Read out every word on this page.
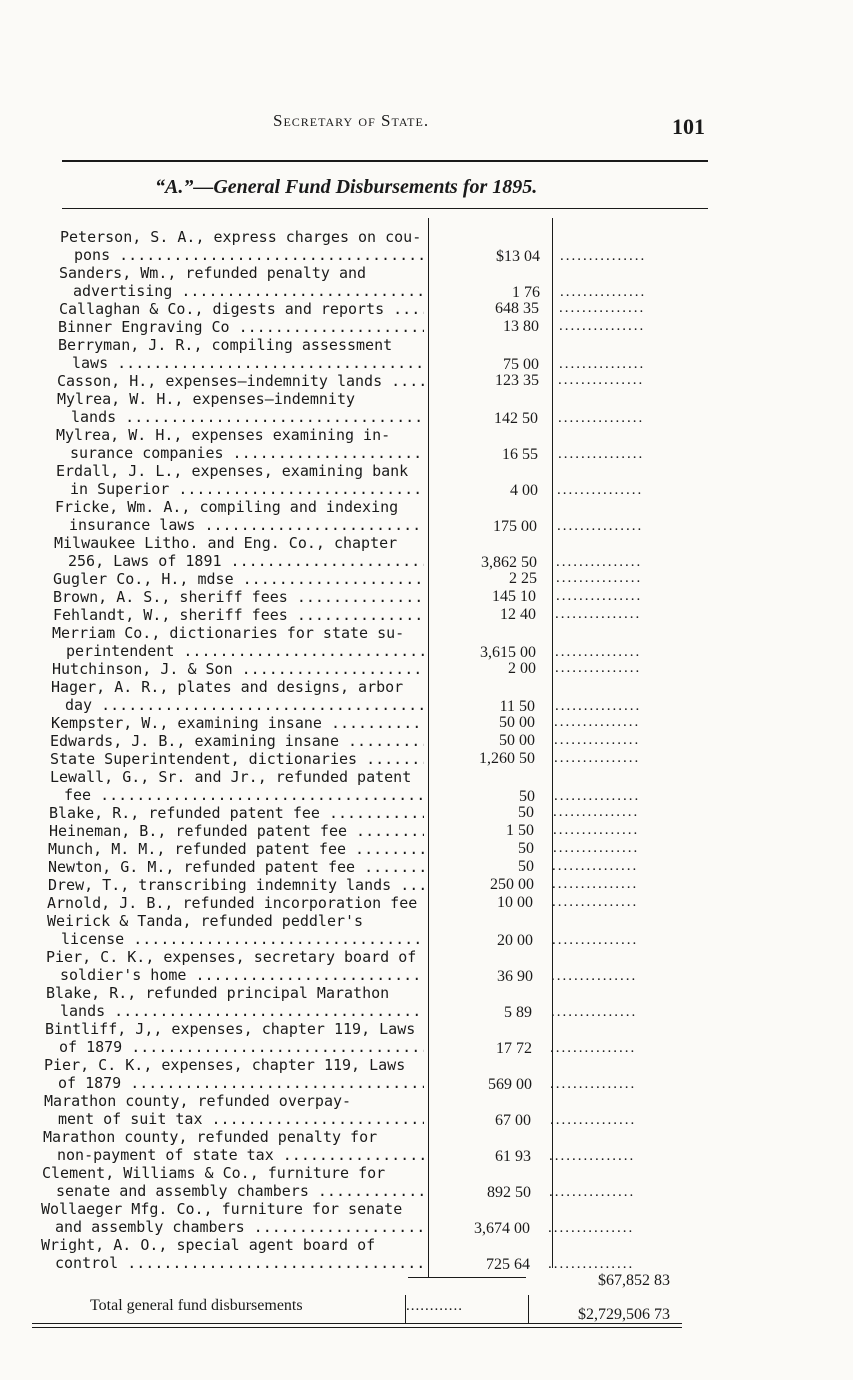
Secretary of State.	101
“A.”—General Fund Disbursements for 1895.
Peterson, S. A., express charges on cou-
pons .....	$13 04 ...............
Sanders, Wm., refunded penalty and
advertising .....	1 76 ...............
Callaghan & Co., digests and reports .....	648 35 ...............
Binner Engraving Co .....	13 80 ...............
Berryman, J. R., compiling assessment
laws .....	75 00 ...............
Casson, H., expenses—indemnity lands .....	123 35 ...............
Mylrea, W. H., expenses—indemnity
lands .....	142 50 ...............
Mylrea, W. H., expenses examining in-
surance companies .....	16 55 ...............
Erdall, J. L., expenses, examining bank
in Superior .....	4 00 ...............
Fricke, Wm. A., compiling and indexing
insurance laws .....	175 00 ...............
Milwaukee Litho. and Eng. Co., chapter
256, Laws of 1891 .....	3,862 50 ...............
Gugler Co., H., mdse .....	2 25 ...............
Brown, A. S., sheriff fees .....	145 10 ...............
Fehlandt, W., sheriff fees .....	12 40 ...............
Merriam Co., dictionaries for state su-
perintendent .....	3,615 00 ...............
Hutchinson, J. & Son .....	2 00 ...............
Hager, A. R., plates and designs, arbor
day .....	11 50 ...............
Kempster, W., examining insane .....	50 00 ...............
Edwards, J. B., examining insane .....	50 00 ...............
State Superintendent, dictionaries .....	1,260 50 ...............
Lewall, G., Sr. and Jr., refunded patent
fee .....	50 ...............
Blake, R., refunded patent fee .....	50 ...............
Heineman, B., refunded patent fee .....	1 50 ...............
Munch, M. M., refunded patent fee .....	50 ...............
Newton, G. M., refunded patent fee .....	50 ...............
Drew, T., transcribing indemnity lands .....	250 00 ...............
Arnold, J. B., refunded incorporation fee .....	10 00 ...............
Weirick & Tanda, refunded peddler's
license .....	20 00 ...............
Pier, C. K., expenses, secretary board of
soldier's home .....	36 90 ...............
Blake, R., refunded principal Marathon
lands .....	5 89 ...............
Bintliff, J,, expenses, chapter 119, Laws
of 1879 .....	17 72 ...............
Pier, C. K., expenses, chapter 119, Laws
of 1879 .....	569 00 ...............
Marathon county, refunded overpay-
ment of suit tax .....	67 00 ...............
Marathon county, refunded penalty for
non-payment of state tax .....	61 93 ...............
Clement, Williams & Co., furniture for
senate and assembly chambers .....	892 50 ...............
Wollaeger Mfg. Co., furniture for senate
and assembly chambers .....	3,674 00 ...............
Wright, A. O., special agent board of
control .....	725 64 ...............
$67,852 83
Total general fund disbursements	............	$2,729,506 73
